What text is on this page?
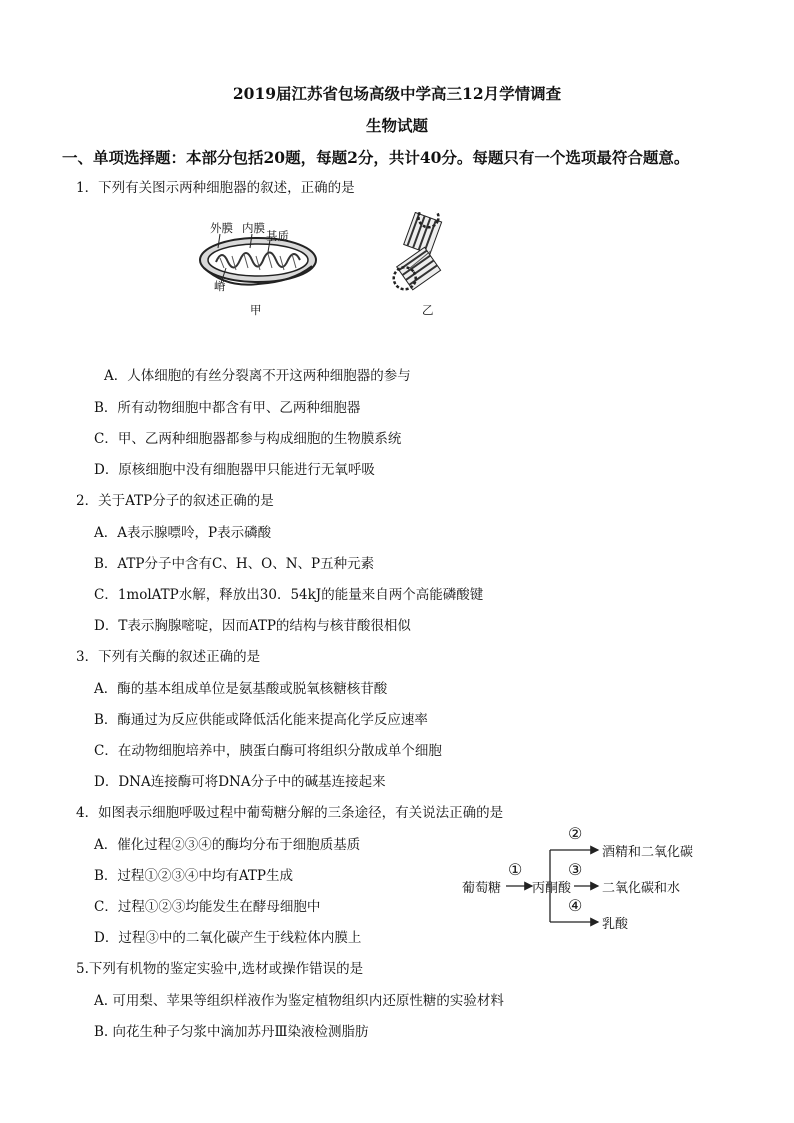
2019届江苏省包场高级中学高三12月学情调查
生物试题
一、单项选择题：本部分包括20题，每题2分，共计40分。每题只有一个选项最符合题意。
1．下列有关图示两种细胞器的叙述，正确的是
外膜 内膜
基质
嵴
甲	乙
A．人体细胞的有丝分裂离不开这两种细胞器的参与
B．所有动物细胞中都含有甲、乙两种细胞器
C．甲、乙两种细胞器都参与构成细胞的生物膜系统
D．原核细胞中没有细胞器甲只能进行无氧呼吸
2．关于ATP分子的叙述正确的是
A．A表示腺嘌呤，P表示磷酸
B．ATP分子中含有C、H、O、N、P五种元素
C．1molATP水解，释放出30．54kJ的能量来自两个高能磷酸键
D．T表示胸腺嘧啶，因而ATP的结构与核苷酸很相似
3．下列有关酶的叙述正确的是
A．酶的基本组成单位是氨基酸或脱氧核糖核苷酸
B．酶通过为反应供能或降低活化能来提高化学反应速率
C．在动物细胞培养中，胰蛋白酶可将组织分散成单个细胞
D．DNA连接酶可将DNA分子中的碱基连接起来
4．如图表示细胞呼吸过程中葡萄糖分解的三条途径，有关说法正确的是
A．催化过程②③④的酶均分布于细胞质基质
B．过程①②③④中均有ATP生成
C．过程①②③均能发生在酵母细胞中
D．过程③中的二氧化碳产生于线粒体内膜上
葡萄糖 丙酮酸
①
②
③
④
酒精和二氧化碳
二氧化碳和水
乳酸
5.下列有机物的鉴定实验中,选材或操作错误的是
A. 可用梨、苹果等组织样液作为鉴定植物组织内还原性糖的实验材料
B. 向花生种子匀浆中滴加苏丹Ⅲ染液检测脂肪
